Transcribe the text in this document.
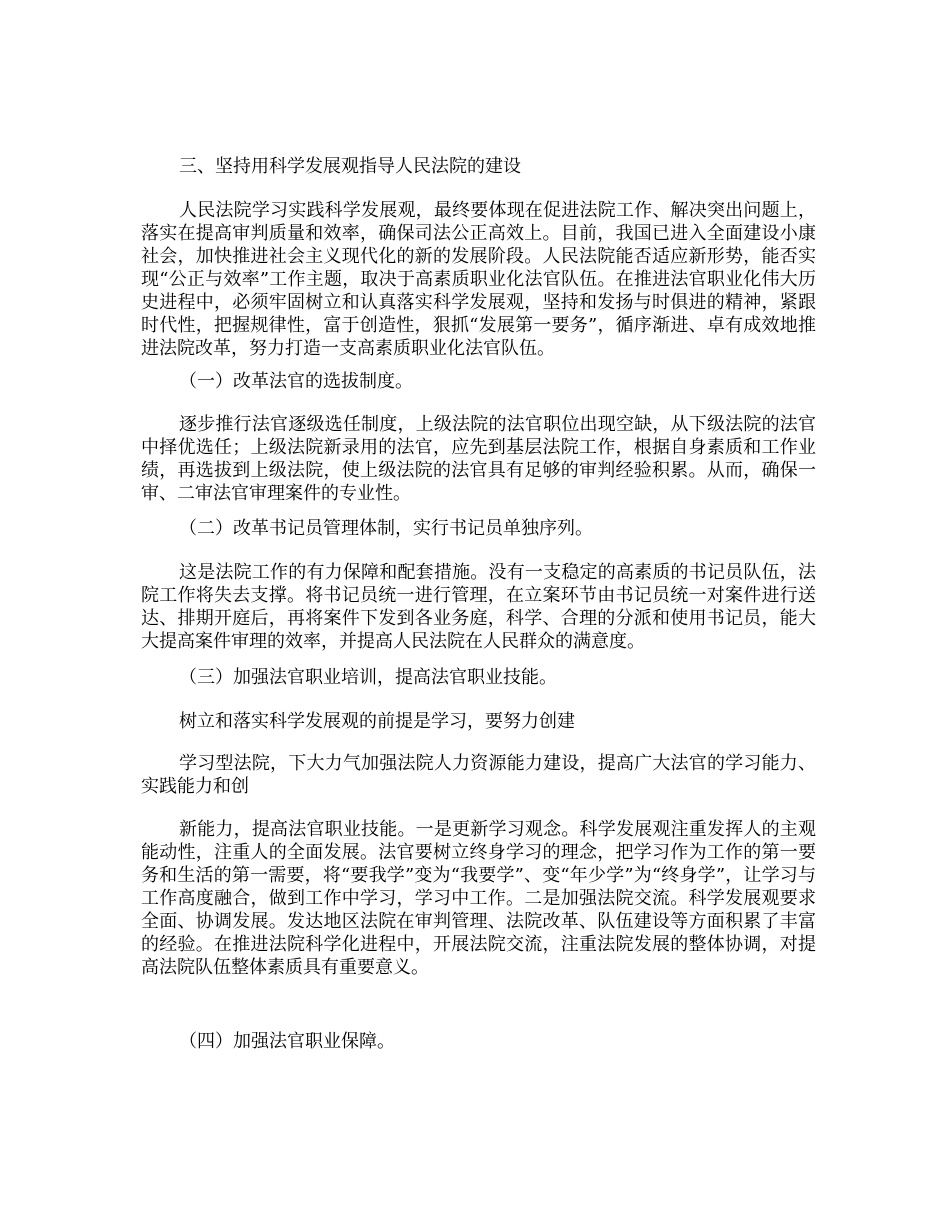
三、坚持用科学发展观指导人民法院的建设
人民法院学习实践科学发展观，最终要体现在促进法院工作、解决突出问题上，落实在提高审判质量和效率，确保司法公正高效上。目前，我国已进入全面建设小康社会，加快推进社会主义现代化的新的发展阶段。人民法院能否适应新形势，能否实现“公正与效率”工作主题，取决于高素质职业化法官队伍。在推进法官职业化伟大历史进程中，必须牢固树立和认真落实科学发展观，坚持和发扬与时俱进的精神，紧跟时代性，把握规律性，富于创造性，狠抓“发展第一要务”，循序渐进、卓有成效地推进法院改革，努力打造一支高素质职业化法官队伍。
（一）改革法官的选拔制度。
逐步推行法官逐级选任制度，上级法院的法官职位出现空缺，从下级法院的法官中择优选任；上级法院新录用的法官，应先到基层法院工作，根据自身素质和工作业绩，再选拔到上级法院，使上级法院的法官具有足够的审判经验积累。从而，确保一审、二审法官审理案件的专业性。
（二）改革书记员管理体制，实行书记员单独序列。
这是法院工作的有力保障和配套措施。没有一支稳定的高素质的书记员队伍，法院工作将失去支撑。将书记员统一进行管理，在立案环节由书记员统一对案件进行送达、排期开庭后，再将案件下发到各业务庭，科学、合理的分派和使用书记员，能大大提高案件审理的效率，并提高人民法院在人民群众的满意度。
（三）加强法官职业培训，提高法官职业技能。
树立和落实科学发展观的前提是学习，要努力创建
学习型法院，下大力气加强法院人力资源能力建设，提高广大法官的学习能力、实践能力和创
新能力，提高法官职业技能。一是更新学习观念。科学发展观注重发挥人的主观能动性，注重人的全面发展。法官要树立终身学习的理念，把学习作为工作的第一要务和生活的第一需要，将“要我学”变为“我要学”、变“年少学”为“终身学”，让学习与工作高度融合，做到工作中学习，学习中工作。二是加强法院交流。科学发展观要求全面、协调发展。发达地区法院在审判管理、法院改革、队伍建设等方面积累了丰富的经验。在推进法院科学化进程中，开展法院交流，注重法院发展的整体协调，对提高法院队伍整体素质具有重要意义。
（四）加强法官职业保障。
